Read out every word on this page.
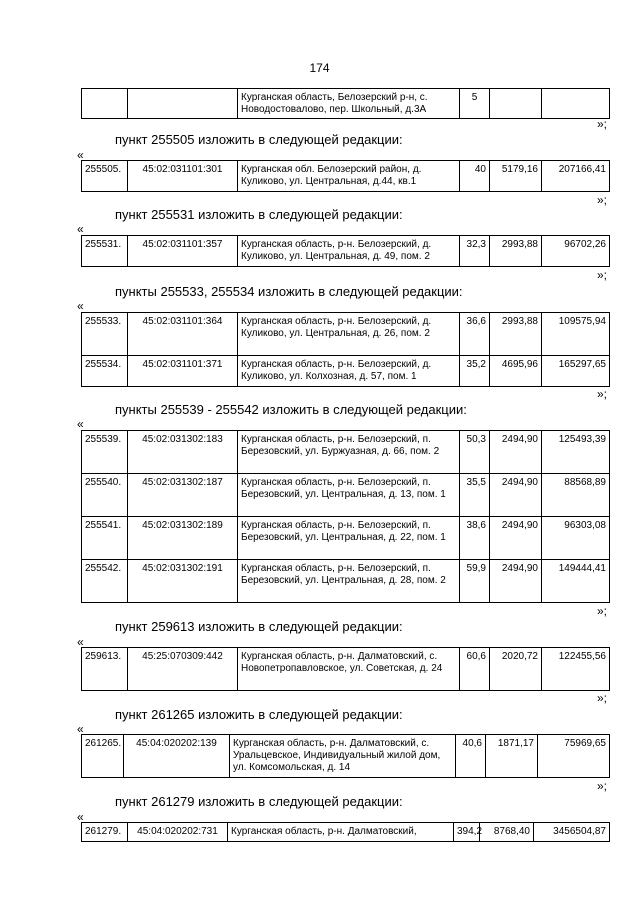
174
		Курганская область, Белозерский р-н, с. Новодостовалово, пер. Школьный, д.3А	5		
»;
пункт 255505 изложить в следующей редакции:
«
255505.	45:02:031101:301	Курганская обл. Белозерский район, д. Куликово, ул. Центральная, д.44, кв.1	40	5179,16	207166,41
»;
пункт 255531 изложить в следующей редакции:
«
255531.	45:02:031101:357	Курганская область, р-н. Белозерский, д. Куликово, ул. Центральная, д. 49, пом. 2	32,3	2993,88	96702,26
»;
пункты 255533, 255534 изложить в следующей редакции:
«
255533.	45:02:031101:364	Курганская область, р-н. Белозерский, д. Куликово, ул. Центральная, д. 26, пом. 2	36,6	2993,88	109575,94
255534.	45:02:031101:371	Курганская область, р-н. Белозерский, д. Куликово, ул. Колхозная, д. 57, пом. 1	35,2	4695,96	165297,65
»;
пункты 255539 - 255542 изложить в следующей редакции:
«
255539.	45:02:031302:183	Курганская область, р-н. Белозерский, п. Березовский, ул. Буржуазная, д. 66, пом. 2	50,3	2494,90	125493,39
255540.	45:02:031302:187	Курганская область, р-н. Белозерский, п. Березовский, ул. Центральная, д. 13, пом. 1	35,5	2494,90	88568,89
255541.	45:02:031302:189	Курганская область, р-н. Белозерский, п. Березовский, ул. Центральная, д. 22, пом. 1	38,6	2494,90	96303,08
255542.	45:02:031302:191	Курганская область, р-н. Белозерский, п. Березовский, ул. Центральная, д. 28, пом. 2	59,9	2494,90	149444,41
»;
пункт 259613 изложить в следующей редакции:
«
259613.	45:25:070309:442	Курганская область, р-н. Далматовский, с. Новопетропавловское, ул. Советская, д. 24	60,6	2020,72	122455,56
»;
пункт 261265 изложить в следующей редакции:
«
261265.	45:04:020202:139	Курганская область, р-н. Далматовский, с. Уральцевское, Индивидуальный жилой дом, ул. Комсомольская, д. 14	40,6	1871,17	75969,65
»;
пункт 261279 изложить в следующей редакции:
«
261279.	45:04:020202:731	Курганская область, р-н. Далматовский,	394,2	8768,40	3456504,87
